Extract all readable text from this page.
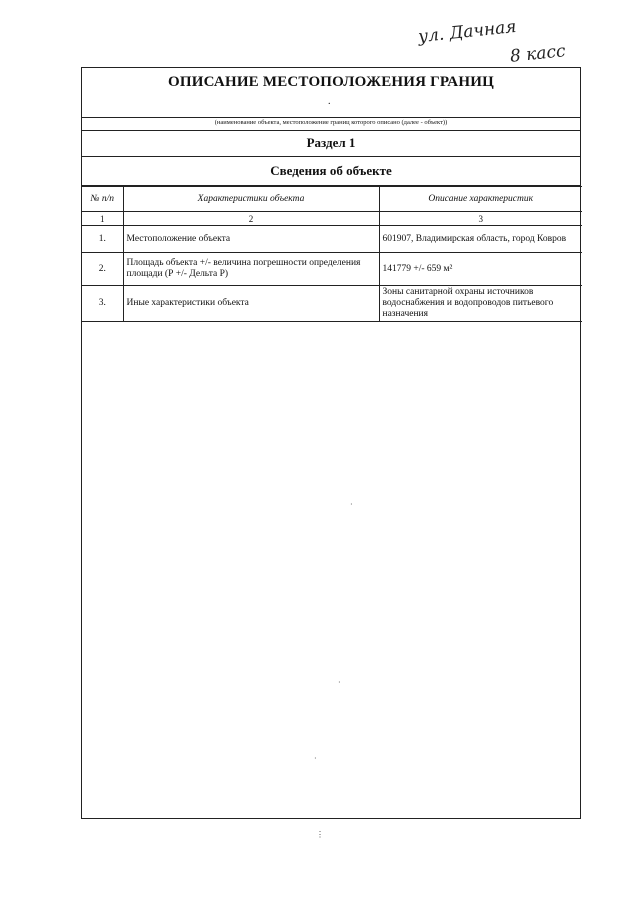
ул. Дачная
8 касс
ОПИСАНИЕ МЕСТОПОЛОЖЕНИЯ ГРАНИЦ
.
(наименование объекта, местоположение границ которого описано (далее - объект))
Раздел 1
Сведения об объекте
№ п/п	Характеристики объекта	Описание характеристик
1	2	3
1.	Местоположение объекта	601907, Владимирская область, город Ковров
2.	Площадь объекта +/- величина погрешности определения площади (Р +/- Дельта Р)	141779 +/- 659 м²
3.	Иные характеристики объекта	Зоны санитарной охраны источников водоснабжения и водопроводов питьевого назначения
·
·
·
⋮
